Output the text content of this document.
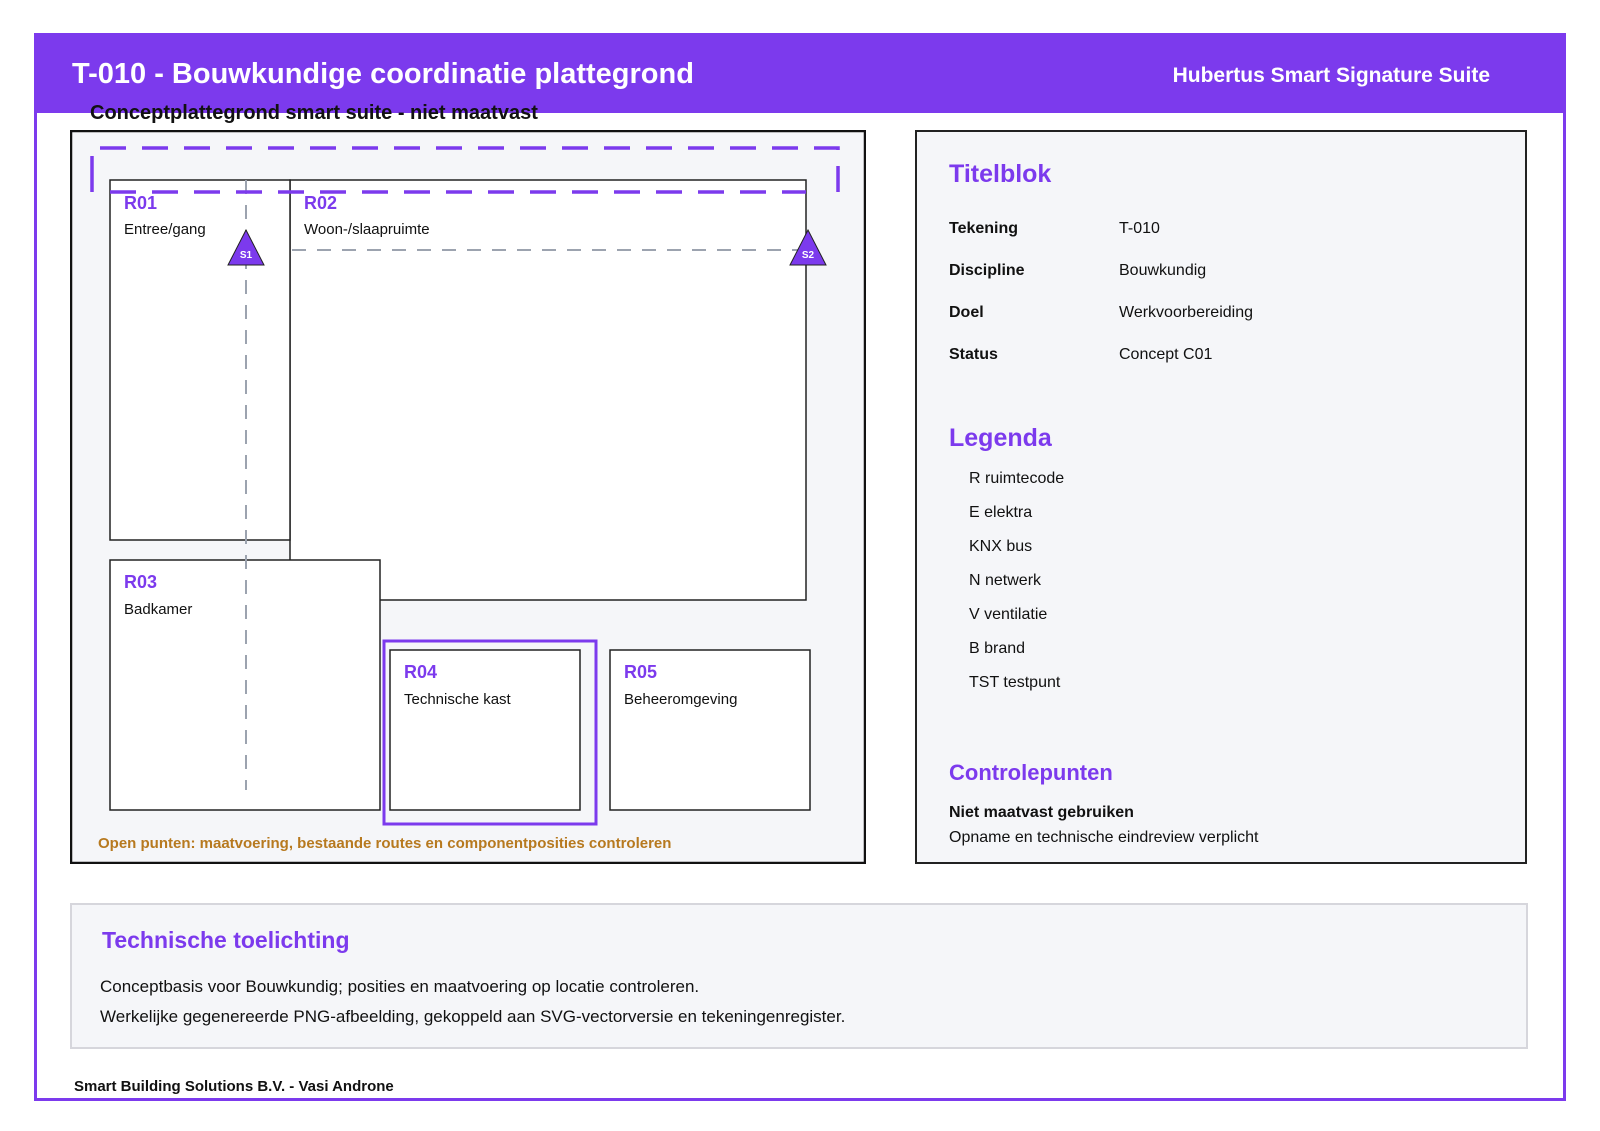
T-010 - Bouwkundige coordinatie plattegrond	Hubertus Smart Signature Suite
Conceptplattegrond smart suite - niet maatvast
S1	S2
R01
Entree/gang
R02
Woon-/slaapruimte
R03
Badkamer
R04
Technische kast
R05
Beheeromgeving
Open punten: maatvoering, bestaande routes en componentposities controleren
Titelblok
Tekening	T-010
Discipline	Bouwkundig
Doel	Werkvoorbereiding
Status	Concept C01
Legenda
R ruimtecode
E elektra
KNX bus
N netwerk
V ventilatie
B brand
TST testpunt
Controlepunten
Niet maatvast gebruiken
Opname en technische eindreview verplicht
Technische toelichting

Conceptbasis voor Bouwkundig; posities en maatvoering op locatie controleren.

Werkelijke gegenereerde PNG-afbeelding, gekoppeld aan SVG-vectorversie en tekeningenregister.

Smart Building Solutions B.V. - Vasi Androne
